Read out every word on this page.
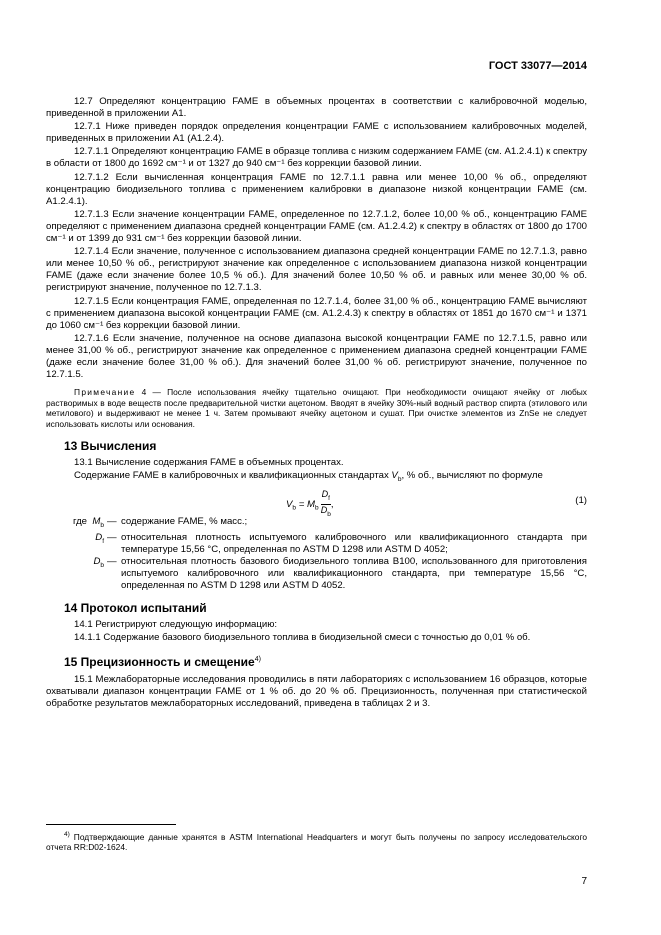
ГОСТ 33077—2014

12.7 Определяют концентрацию FAME в объемных процентах в соответствии с калибровочной моделью, приведенной в приложении А1.

12.7.1 Ниже приведен порядок определения концентрации FAME с использованием калибровочных моделей, приведенных в приложении А1 (А1.2.4).

12.7.1.1 Определяют концентрацию FAME в образце топлива с низким содержанием FAME (см. А1.2.4.1) к спектру в области от 1800 до 1692 см⁻¹ и от 1327 до 940 см⁻¹ без коррекции базовой линии.

12.7.1.2 Если вычисленная концентрация FAME по 12.7.1.1 равна или менее 10,00 % об., определяют концентрацию биодизельного топлива с применением калибровки в диапазоне низкой концентрации FAME (см. А1.2.4.1).

12.7.1.3 Если значение концентрации FAME, определенное по 12.7.1.2, более 10,00 % об., концентрацию FAME определяют с применением диапазона средней концентрации FAME (см. А1.2.4.2) к спектру в областях от 1800 до 1700 см⁻¹ и от 1399 до 931 см⁻¹ без коррекции базовой линии.

12.7.1.4 Если значение, полученное с использованием диапазона средней концентрации FAME по 12.7.1.3, равно или менее 10,50 % об., регистрируют значение как определенное с использованием диапазона низкой концентрации FAME (даже если значение более 10,5 % об.). Для значений более 10,50 % об. и равных или менее 30,00 % об. регистрируют значение, полученное по 12.7.1.3.

12.7.1.5 Если концентрация FAME, определенная по 12.7.1.4, более 31,00 % об., концентрацию FAME вычисляют с применением диапазона высокой концентрации FAME (см. А1.2.4.3) к спектру в областях от 1851 до 1670 см⁻¹ и 1371 до 1060 см⁻¹ без коррекции базовой линии.

12.7.1.6 Если значение, полученное на основе диапазона высокой концентрации FAME по 12.7.1.5, равно или менее 31,00 % об., регистрируют значение как определенное с применением диапазона средней концентрации FAME (даже если значение более 31,00 % об.). Для значений более 31,00 % об. регистрируют значение, полученное по 12.7.1.5.

Примечание 4 — После использования ячейку тщательно очищают. При необходимости очищают ячейку от любых растворимых в воде веществ после предварительной чистки ацетоном. Вводят в ячейку 30%-ный водный раствор спирта (этилового или метилового) и выдерживают не менее 1 ч. Затем промывают ячейку ацетоном и сушат. При очистке элементов из ZnSe не следует использовать кислоты или основания.

13 Вычисления

13.1 Вычисление содержания FAME в объемных процентах.

Содержание FAME в калибровочных и квалификационных стандартах $V_b$, % об., вычисляют по формуле

$V_b = M_b \frac{D_f}{D_b}$ ,	(1)
где $M_b$ — содержание FAME, % масс.;
$D_f$ — относительная плотность испытуемого калибровочного или квалификационного стандарта при температуре 15,56 °С, определенная по ASTM D 1298 или ASTM D 4052;
$D_b$ — относительная плотность базового биодизельного топлива В100, использованного для приготовления испытуемого калибровочного или квалификационного стандарта, при температуре 15,56 °С, определенная по ASTM D 1298 или ASTM D 4052.
14 Протокол испытаний

14.1 Регистрируют следующую информацию:

14.1.1 Содержание базового биодизельного топлива в биодизельной смеси с точностью до 0,01 % об.

15 Прецизионность и смещение$^{4)}$

15.1 Межлабораторные исследования проводились в пяти лабораториях с использованием 16 образцов, которые охватывали диапазон концентрации FAME от 1 % об. до 20 % об. Прецизионность, полученная при статистической обработке результатов межлабораторных исследований, приведена в таблицах 2 и 3.

$^{4)}$ Подтверждающие данные хранятся в ASTM International Headquarters и могут быть получены по запросу исследовательского отчета RR:D02-1624.
7
